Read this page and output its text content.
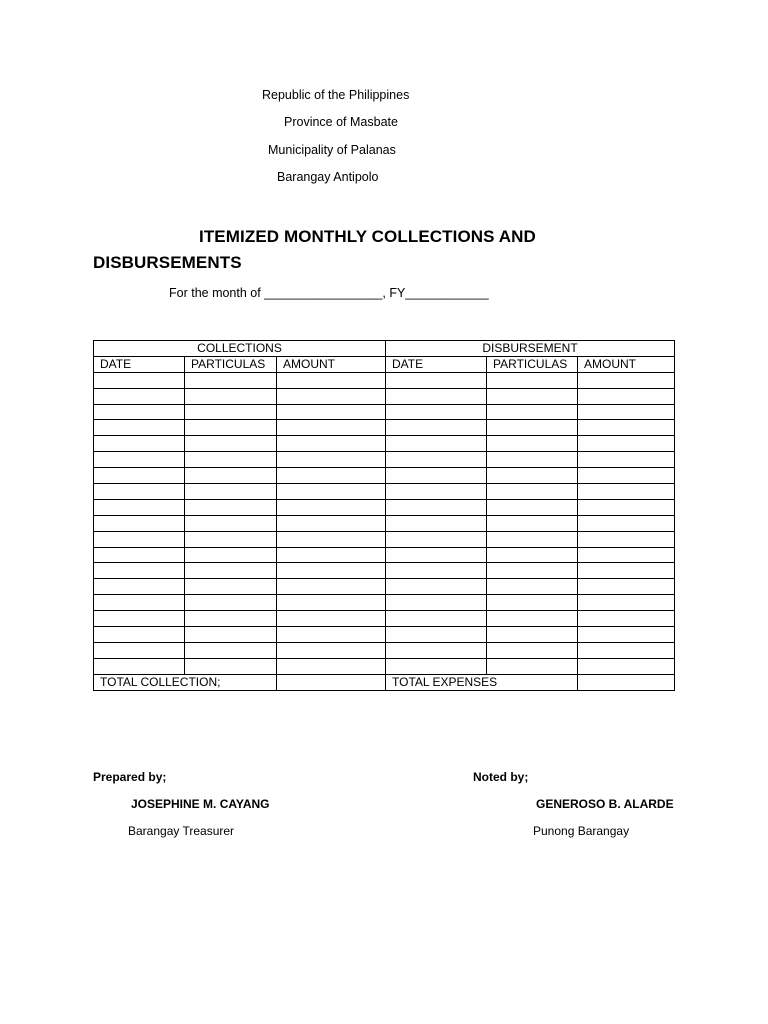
Republic of the Philippines
Province of Masbate
Municipality of Palanas
Barangay Antipolo
ITEMIZED MONTHLY COLLECTIONS AND
DISBURSEMENTS
For the month of _________________, FY____________
COLLECTIONS			DISBURSEMENT		
DATE	PARTICULAS	AMOUNT	DATE	PARTICULAS	AMOUNT

TOTAL COLLECTION;			TOTAL EXPENSES		
Prepared by;
JOSEPHINE M. CAYANG
Barangay Treasurer
Noted by;
GENEROSO B. ALARDE
Punong Barangay
